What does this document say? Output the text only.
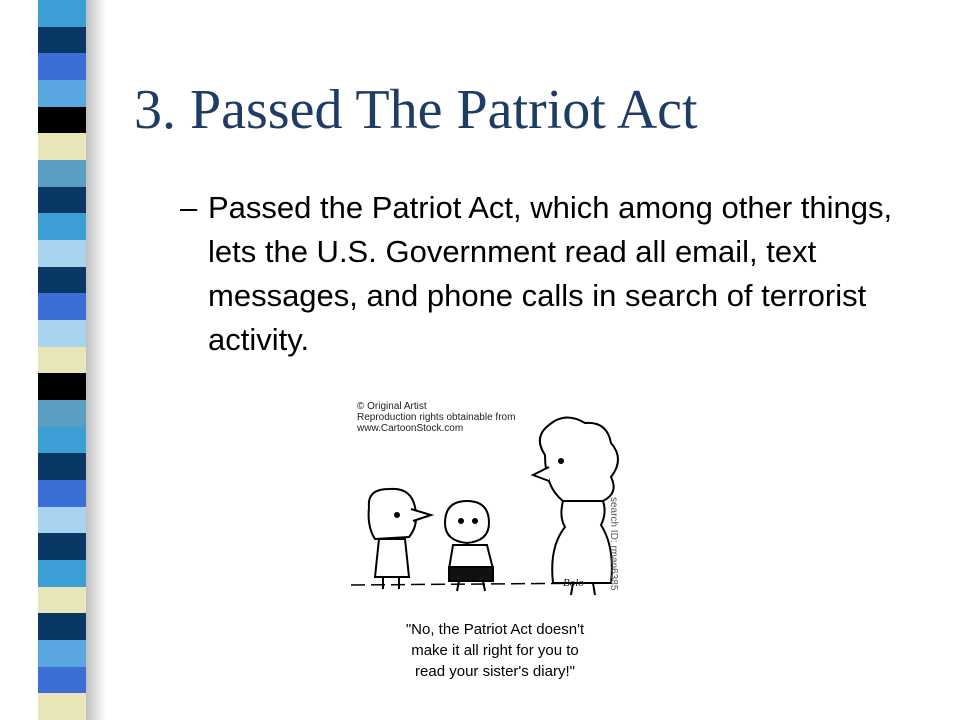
3. Passed The Patriot Act
– Passed the Patriot Act, which among other things, lets the U.S. Government read all email, text messages, and phone calls in search of terrorist activity.
© Original Artist
Reproduction rights obtainable from
www.CartoonStock.com
search ID: rman6385
Bolo
"No, the Patriot Act doesn't
make it all right for you to
read your sister's diary!"
